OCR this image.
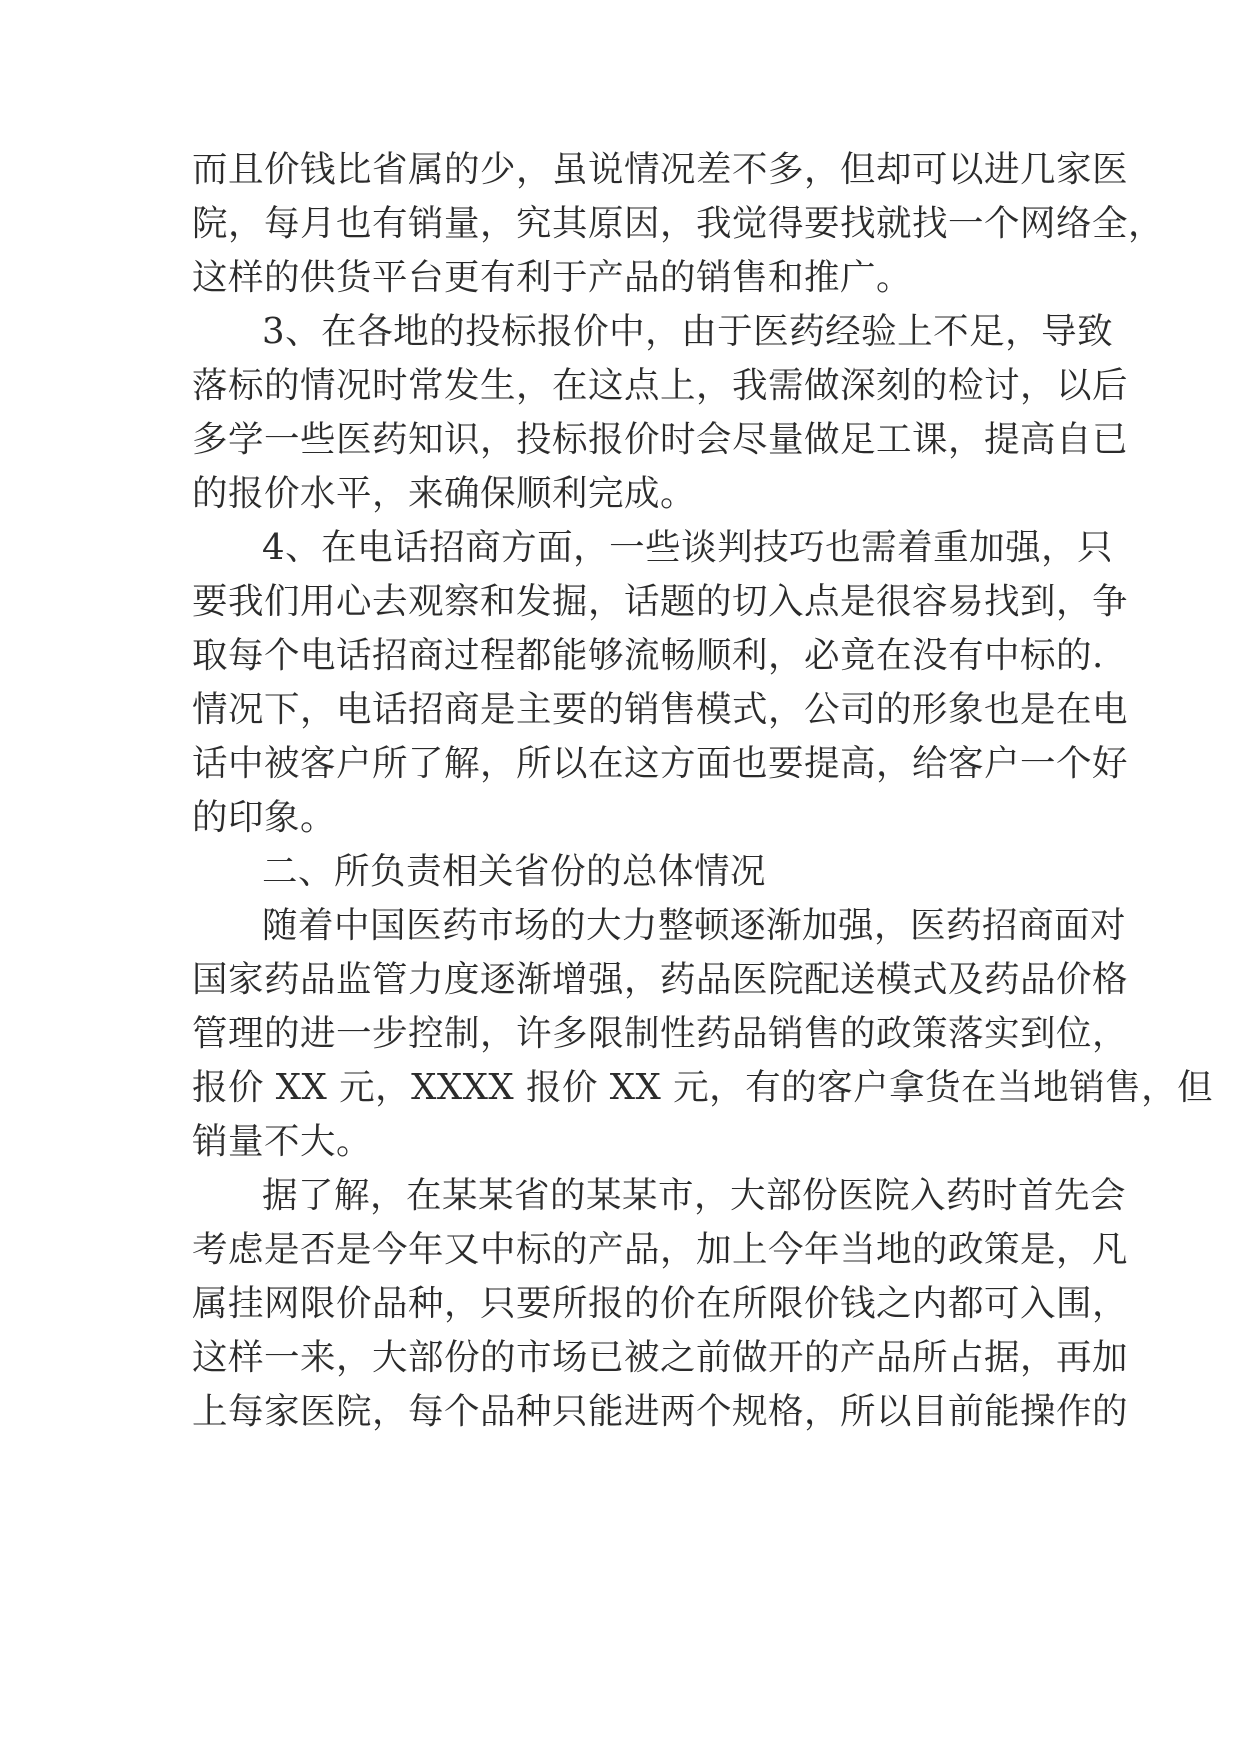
而且价钱比省属的少，虽说情况差不多，但却可以进几家医

院，每月也有销量，究其原因，我觉得要找就找一个网络全，

这样的供货平台更有利于产品的销售和推广。

3、在各地的投标报价中，由于医药经验上不足，导致

落标的情况时常发生，在这点上，我需做深刻的检讨，以后

多学一些医药知识，投标报价时会尽量做足工课，提高自已

的报价水平，来确保顺利完成。

4、在电话招商方面，一些谈判技巧也需着重加强，只

要我们用心去观察和发掘，话题的切入点是很容易找到，争

取每个电话招商过程都能够流畅顺利，必竟在没有中标的.

情况下，电话招商是主要的销售模式，公司的形象也是在电

话中被客户所了解，所以在这方面也要提高，给客户一个好

的印象。

二、所负责相关省份的总体情况

随着中国医药市场的大力整顿逐渐加强，医药招商面对

国家药品监管力度逐渐增强，药品医院配送模式及药品价格

管理的进一步控制，许多限制性药品销售的政策落实到位，

报价 XX 元，XXXX 报价 XX 元，有的客户拿货在当地销售，但

销量不大。

据了解，在某某省的某某市，大部份医院入药时首先会

考虑是否是今年又中标的产品，加上今年当地的政策是，凡

属挂网限价品种，只要所报的价在所限价钱之内都可入围，

这样一来，大部份的市场已被之前做开的产品所占据，再加

上每家医院，每个品种只能进两个规格，所以目前能操作的
